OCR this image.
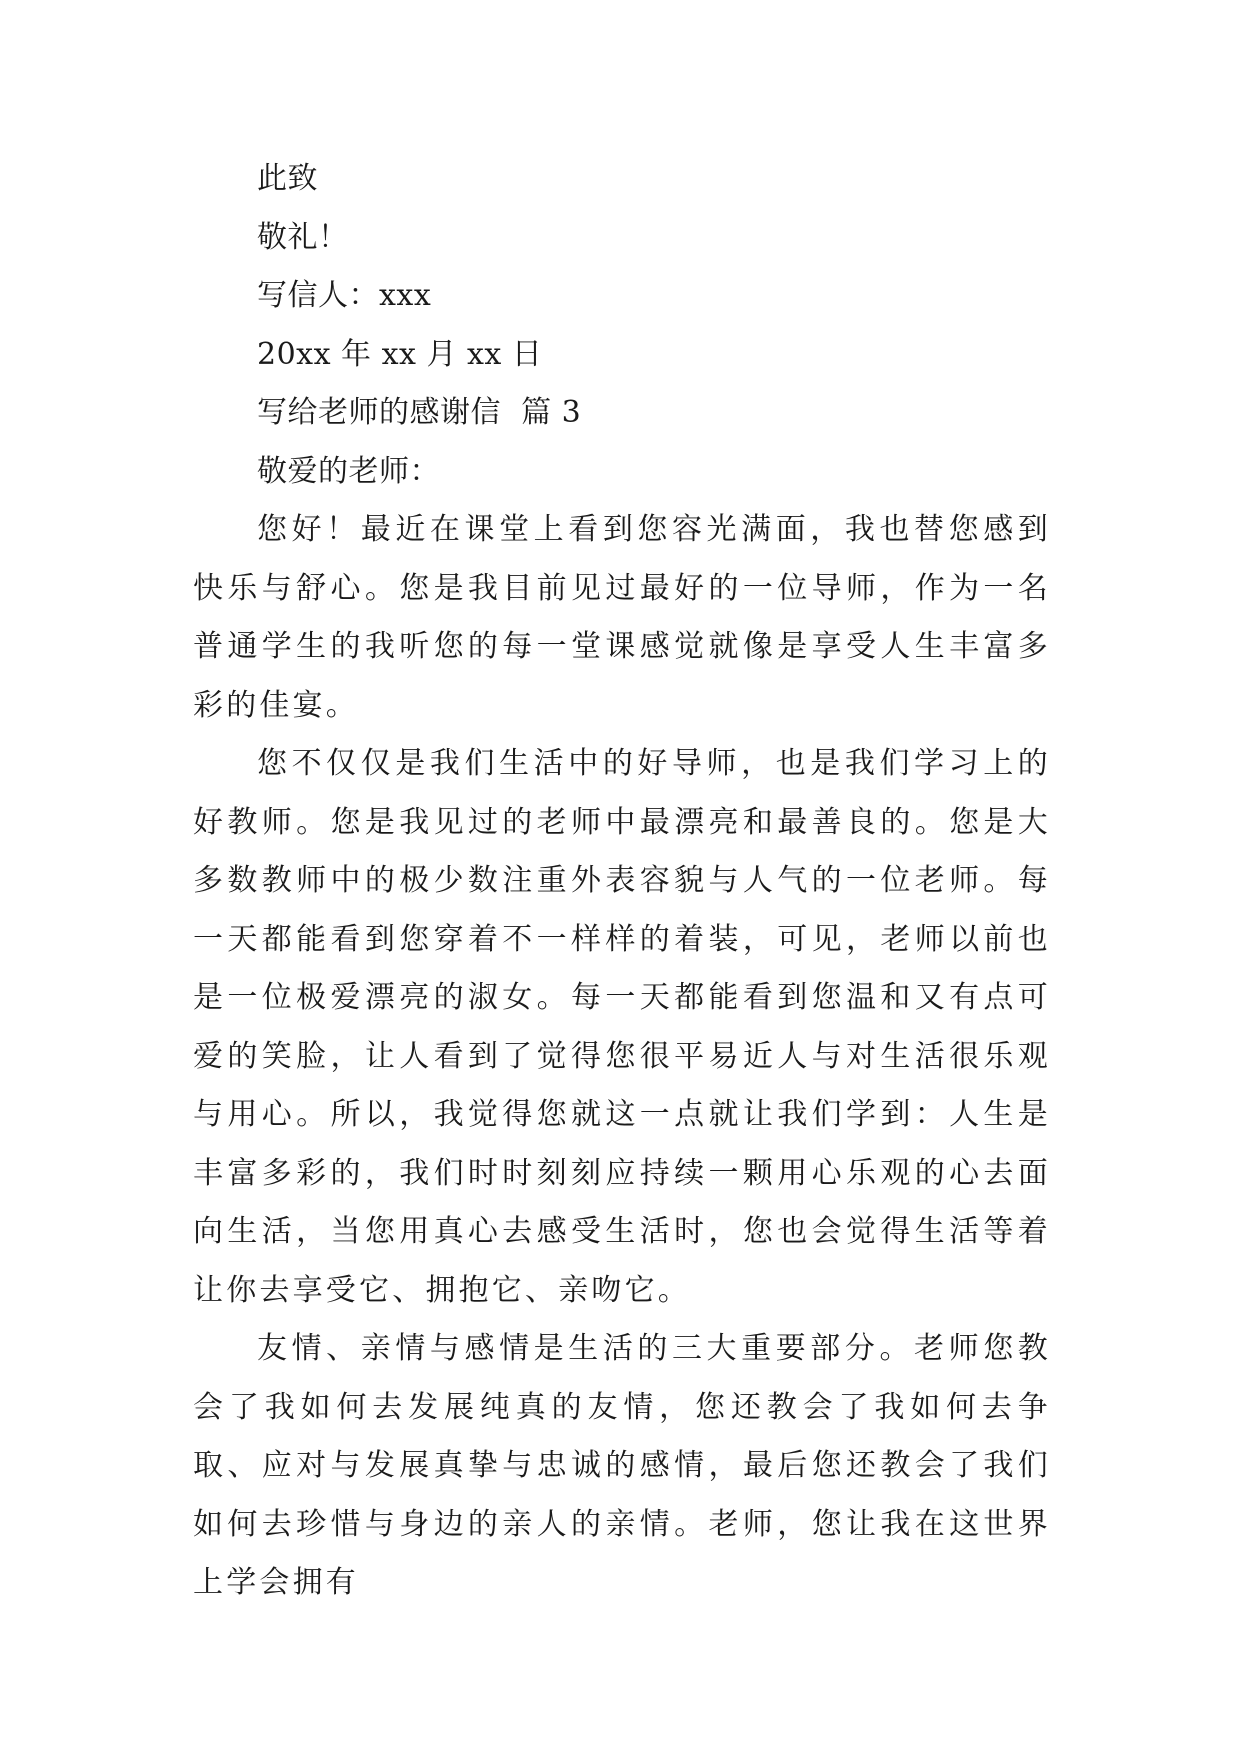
此致
敬礼！
写信人：xxx
20xx 年 xx 月 xx 日
写给老师的感谢信  篇 3
敬爱的老师：

您好！最近在课堂上看到您容光满面，我也替您感到快乐与舒心。您是我目前见过最好的一位导师，作为一名普通学生的我听您的每一堂课感觉就像是享受人生丰富多彩的佳宴。

您不仅仅是我们生活中的好导师，也是我们学习上的好教师。您是我见过的老师中最漂亮和最善良的。您是大多数教师中的极少数注重外表容貌与人气的一位老师。每一天都能看到您穿着不一样样的着装，可见，老师以前也是一位极爱漂亮的淑女。每一天都能看到您温和又有点可爱的笑脸，让人看到了觉得您很平易近人与对生活很乐观与用心。所以，我觉得您就这一点就让我们学到：人生是丰富多彩的，我们时时刻刻应持续一颗用心乐观的心去面向生活，当您用真心去感受生活时，您也会觉得生活等着让你去享受它、拥抱它、亲吻它。

友情、亲情与感情是生活的三大重要部分。老师您教会了我如何去发展纯真的友情，您还教会了我如何去争取、应对与发展真挚与忠诚的感情，最后您还教会了我们如何去珍惜与身边的亲人的亲情。老师，您让我在这世界上学会拥有
